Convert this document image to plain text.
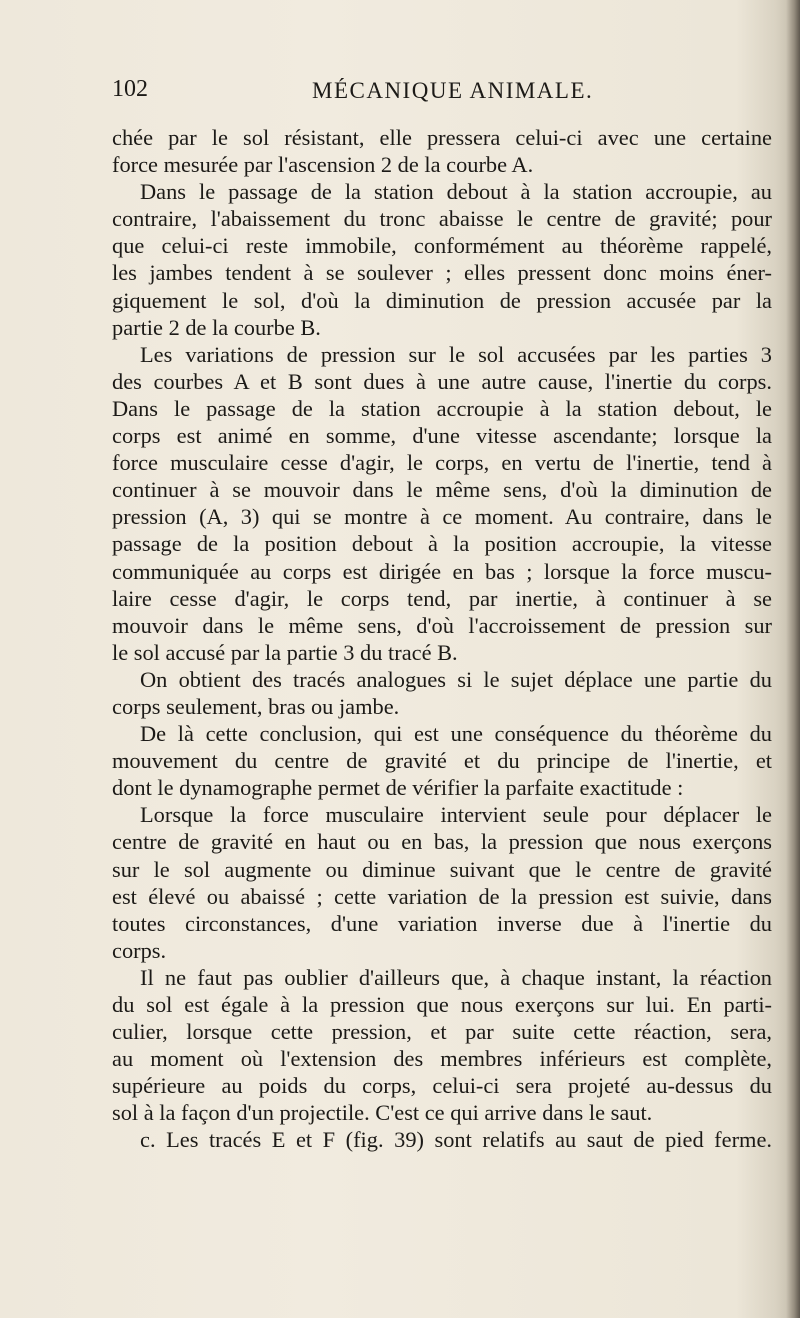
102	MÉCANIQUE ANIMALE.
chée par le sol résistant, elle pressera celui-ci avec une certaine
force mesurée par l'ascension 2 de la courbe A.
Dans le passage de la station debout à la station accroupie, au
contraire, l'abaissement du tronc abaisse le centre de gravité; pour
que celui-ci reste immobile, conformément au théorème rappelé,
les jambes tendent à se soulever ; elles pressent donc moins éner-
giquement le sol, d'où la diminution de pression accusée par la
partie 2 de la courbe B.
Les variations de pression sur le sol accusées par les parties 3
des courbes A et B sont dues à une autre cause, l'inertie du corps.
Dans le passage de la station accroupie à la station debout, le
corps est animé en somme, d'une vitesse ascendante; lorsque la
force musculaire cesse d'agir, le corps, en vertu de l'inertie, tend à
continuer à se mouvoir dans le même sens, d'où la diminution de
pression (A, 3) qui se montre à ce moment. Au contraire, dans le
passage de la position debout à la position accroupie, la vitesse
communiquée au corps est dirigée en bas ; lorsque la force muscu-
laire cesse d'agir, le corps tend, par inertie, à continuer à se
mouvoir dans le même sens, d'où l'accroissement de pression sur
le sol accusé par la partie 3 du tracé B.
On obtient des tracés analogues si le sujet déplace une partie du
corps seulement, bras ou jambe.
De là cette conclusion, qui est une conséquence du théorème du
mouvement du centre de gravité et du principe de l'inertie, et
dont le dynamographe permet de vérifier la parfaite exactitude :
Lorsque la force musculaire intervient seule pour déplacer le
centre de gravité en haut ou en bas, la pression que nous exerçons
sur le sol augmente ou diminue suivant que le centre de gravité
est élevé ou abaissé ; cette variation de la pression est suivie, dans
toutes circonstances, d'une variation inverse due à l'inertie du
corps.
Il ne faut pas oublier d'ailleurs que, à chaque instant, la réaction
du sol est égale à la pression que nous exerçons sur lui. En parti-
culier, lorsque cette pression, et par suite cette réaction, sera,
au moment où l'extension des membres inférieurs est complète,
supérieure au poids du corps, celui-ci sera projeté au-dessus du
sol à la façon d'un projectile. C'est ce qui arrive dans le saut.
c. Les tracés E et F (fig. 39) sont relatifs au saut de pied ferme.
